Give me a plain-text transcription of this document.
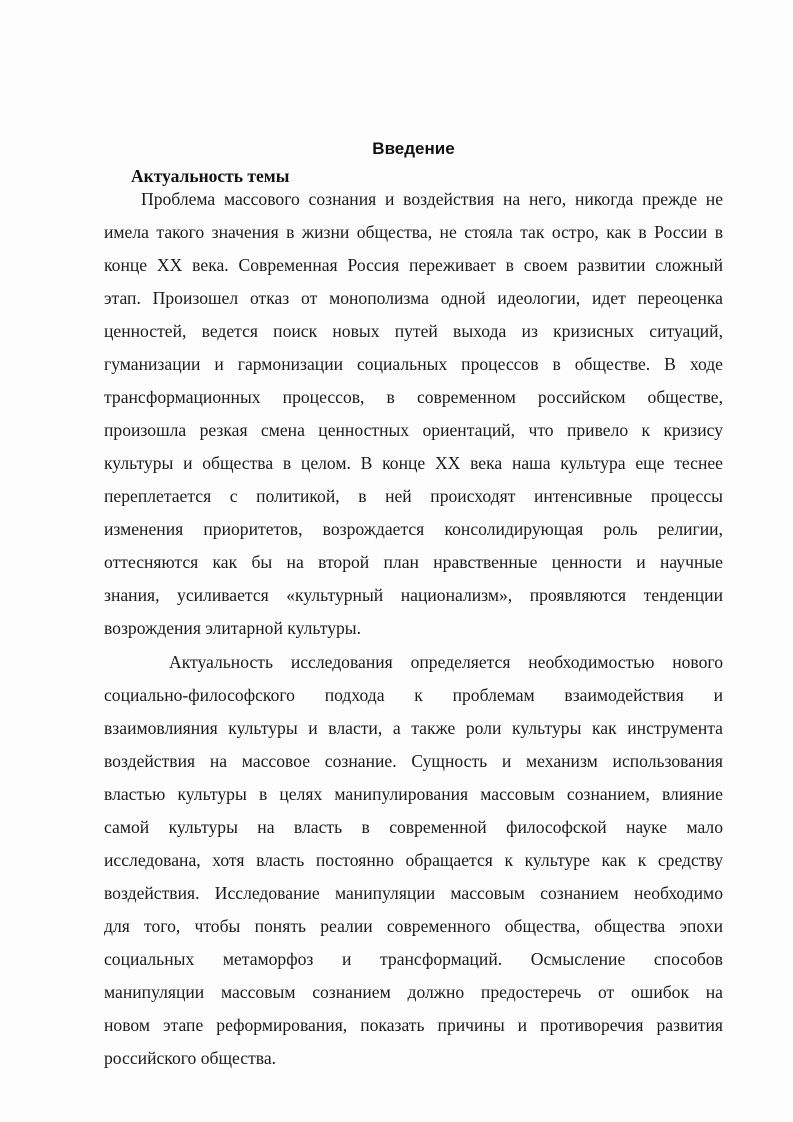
Введение
Актуальность темы
Проблема массового сознания и воздействия на него, никогда прежде не
имела такого значения в жизни общества, не стояла так остро, как в России в
конце XX века. Современная Россия переживает в своем развитии сложный
этап. Произошел отказ от монополизма одной идеологии, идет переоценка
ценностей, ведется поиск новых путей выхода из кризисных ситуаций,
гуманизации и гармонизации социальных процессов в обществе. В ходе
трансформационных процессов, в современном российском обществе,
произошла резкая смена ценностных ориентаций, что привело к кризису
культуры и общества в целом. В конце XX века наша культура еще теснее
переплетается с политикой, в ней происходят интенсивные процессы
изменения приоритетов, возрождается консолидирующая роль религии,
оттесняются как бы на второй план нравственные ценности и научные
знания, усиливается «культурный национализм», проявляются тенденции
возрождения элитарной культуры.
Актуальность исследования определяется необходимостью нового
социально-философского подхода к проблемам взаимодействия и
взаимовлияния культуры и власти, а также роли культуры как инструмента
воздействия на массовое сознание. Сущность и механизм использования
властью культуры в целях манипулирования массовым сознанием, влияние
самой культуры на власть в современной философской науке мало
исследована, хотя власть постоянно обращается к культуре как к средству
воздействия. Исследование манипуляции массовым сознанием необходимо
для того, чтобы понять реалии современного общества, общества эпохи
социальных метаморфоз и трансформаций. Осмысление способов
манипуляции массовым сознанием должно предостеречь от ошибок на
новом этапе реформирования, показать причины и противоречия развития
российского общества.
